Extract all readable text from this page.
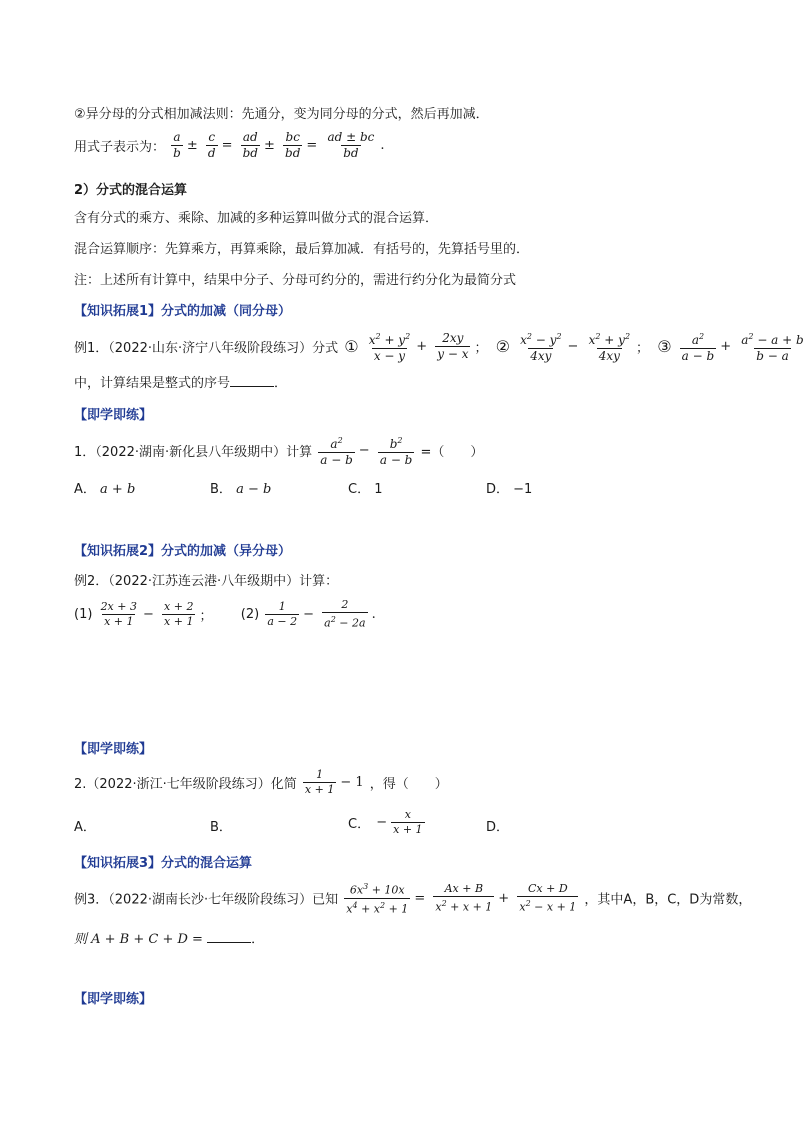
②异分母的分式相加减法则：先通分，变为同分母的分式，然后再加减．
用式子表示为： $\frac{a}{b} \pm \frac{c}{d} = \frac{ad}{bd} \pm \frac{bc}{bd} = \frac{ad \pm bc}{bd}$ .
2）分式的混合运算
含有分式的乘方、乘除、加减的多种运算叫做分式的混合运算．
混合运算顺序：先算乘方，再算乘除，最后算加减．有括号的，先算括号里的．
注：上述所有计算中，结果中分子、分母可约分的，需进行约分化为最简分式
【知识拓展1】分式的加减（同分母）
例1．（2022·山东·济宁八年级阶段练习）分式 ① $\frac{x^2 + y^2}{x - y} + \frac{2xy}{y - x}$ ； ② $\frac{x^2 - y^2}{4xy} - \frac{x^2 + y^2}{4xy}$ ； ③ $\frac{a^2}{a - b} + \frac{a^2 - a + b}{b - a}$
中，计算结果是整式的序号	．
【即学即练】
1．（2022·湖南·新化县八年级期中）计算 $\frac{a^2}{a - b} - \frac{b^2}{a - b}$ =（　　）
A． a + b	B． a − b	C． 1	D． −1
【知识拓展2】分式的加减（异分母）
例2．（2022·江苏连云港·八年级期中）计算：
$(1) \frac{2x + 3}{x + 1} - \frac{x + 2}{x + 1}$ ； $(2) \frac{1}{a - 2} - \frac{2}{a^2 - 2a}$ .
【即学即练】
2.（2022·浙江·七年级阶段练习）化简 $\frac{1}{x + 1} - 1$ ，得（　　）
A．	B．	C． − $\frac{x}{x + 1}$	D．
【知识拓展3】分式的混合运算
例3．（2022·湖南长沙·七年级阶段练习）已知 $\frac{6x^3 + 10x}{x^4 + x^2 + 1} = \frac{Ax + B}{x^2 + x + 1} + \frac{Cx + D}{x^2 - x + 1}$ ，其中A，B，C，D为常数，
则 A + B + C + D =	．
【即学即练】
